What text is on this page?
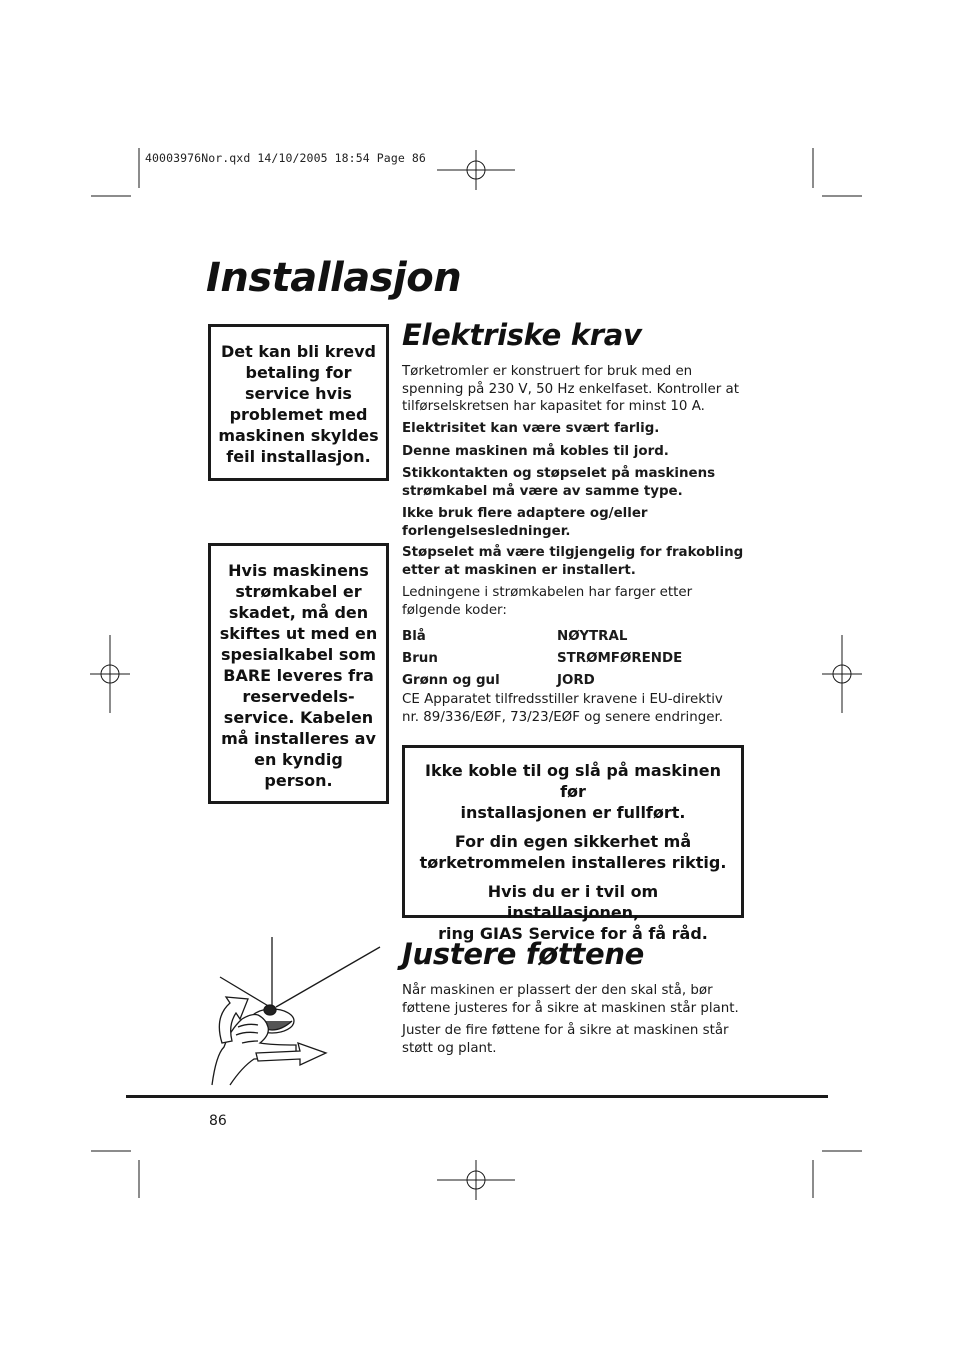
40003976Nor.qxd 14/10/2005 18:54 Page 86
Installasjon

Det kan bli krevd

betaling for

service hvis

problemet med

maskinen skyldes

feil installasjon.

Hvis maskinens

strømkabel er

skadet, må den

skiftes ut med en

spesialkabel som

BARE leveres fra

reservedels-

service. Kabelen

må installeres av

en kyndig

person.

Elektriske krav

Tørketromler er konstruert for bruk med en

spenning på 230 V, 50 Hz enkelfaset. Kontroller at

tilførselskretsen har kapasitet for minst 10 A.

Elektrisitet kan være svært farlig.

Denne maskinen må kobles til jord.

Stikkontakten og støpselet på maskinens

strømkabel må være av samme type.

Ikke bruk flere adaptere og/eller

forlengelsesledninger.

Støpselet må være tilgjengelig for frakobling

etter at maskinen er installert.

Ledningene i strømkabelen har farger etter

følgende koder:

Blå	NØYTRAL
Brun	STRØMFØRENDE
Grønn og gul	JORD

CE Apparatet tilfredsstiller kravene i EU-direktiv

nr. 89/336/EØF, 73/23/EØF og senere endringer.

Ikke koble til og slå på maskinen før
installasjonen er fullført.

For din egen sikkerhet må
tørketrommelen installeres riktig.

Hvis du er i tvil om installasjonen,
ring GIAS Service for å få råd.

Justere føttene

Når maskinen er plassert der den skal stå, bør

føttene justeres for å sikre at maskinen står plant.

Juster de fire føttene for å sikre at maskinen står

støtt og plant.

86
